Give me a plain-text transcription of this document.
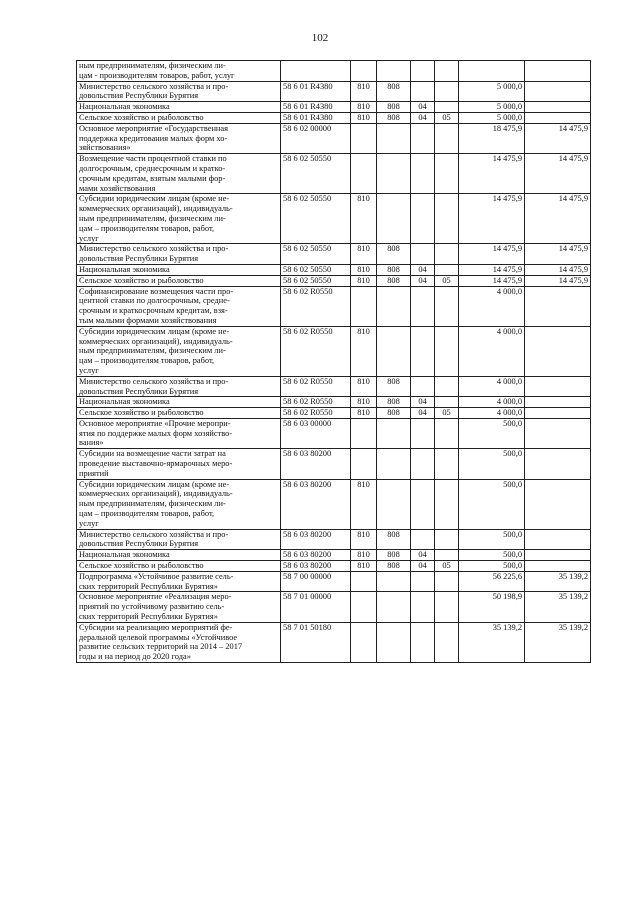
102
ным предпринимателям, физическим ли-
цам - производителям товаров, работ, услуг							
Министерство сельского хозяйства и про-
довольствия Республики Бурятия	58 6 01 R4380	810	808			5 000,0	
Национальная экономика	58 6 01 R4380	810	808	04		5 000,0	
Сельское хозяйство и рыболовство	58 6 01 R4380	810	808	04	05	5 000,0	
Основное мероприятие «Государственная
поддержка кредитования малых форм хо-
зяйствования»	58 6 02 00000					18 475,9	14 475,9
Возмещение части процентной ставки по
долгосрочным, среднесрочным и кратко-
срочным кредитам, взятым малыми фор-
мами хозяйствования	58 6 02 50550					14 475,9	14 475,9
Субсидии юридическим лицам (кроме не-
коммерческих организаций), индивидуаль-
ным предпринимателям, физическим ли-
цам – производителям товаров, работ,
услуг	58 6 02 50550	810				14 475,9	14 475,9
Министерство сельского хозяйства и про-
довольствия Республики Бурятия	58 6 02 50550	810	808			14 475,9	14 475,9
Национальная экономика	58 6 02 50550	810	808	04		14 475,9	14 475,9
Сельское хозяйство и рыболовство	58 6 02 50550	810	808	04	05	14 475,9	14 475,9
Софинансирование возмещения части про-
центной ставки по долгосрочным, средне-
срочным и краткосрочным кредитам, взя-
тым малыми формами хозяйствования	58 6 02 R0550					4 000,0	
Субсидии юридическим лицам (кроме не-
коммерческих организаций), индивидуаль-
ным предпринимателям, физическим ли-
цам – производителям товаров, работ,
услуг	58 6 02 R0550	810				4 000,0	
Министерство сельского хозяйства и про-
довольствия Республики Бурятия	58 6 02 R0550	810	808			4 000,0	
Национальная экономика	58 6 02 R0550	810	808	04		4 000,0	
Сельское хозяйство и рыболовство	58 6 02 R0550	810	808	04	05	4 000,0	
Основное мероприятие «Прочие меропри-
ятия по поддержке малых форм хозяйство-
вания»	58 6 03 00000					500,0	
Субсидии на возмещение части затрат на
проведение выставочно-ярмарочных меро-
приятий	58 6 03 80200					500,0	
Субсидии юридическим лицам (кроме не-
коммерческих организаций), индивидуаль-
ным предпринимателям, физическим ли-
цам – производителям товаров, работ,
услуг	58 6 03 80200	810				500,0	
Министерство сельского хозяйства и про-
довольствия Республики Бурятия	58 6 03 80200	810	808			500,0	
Национальная экономика	58 6 03 80200	810	808	04		500,0	
Сельское хозяйство и рыболовство	58 6 03 80200	810	808	04	05	500,0	
Подпрограмма «Устойчивое развитие сель-
ских территорий Республики Бурятия»	58 7 00 00000					56 225,6	35 139,2
Основное мероприятие «Реализация меро-
приятий по устойчивому развитию сель-
ских территорий Республики Бурятия»	58 7 01 00000					50 198,9	35 139,2
Субсидии на реализацию мероприятий фе-
деральной целевой программы «Устойчивое
развитие сельских территорий на 2014 – 2017
годы и на период до 2020 года»	58 7 01 50180					35 139,2	35 139,2
